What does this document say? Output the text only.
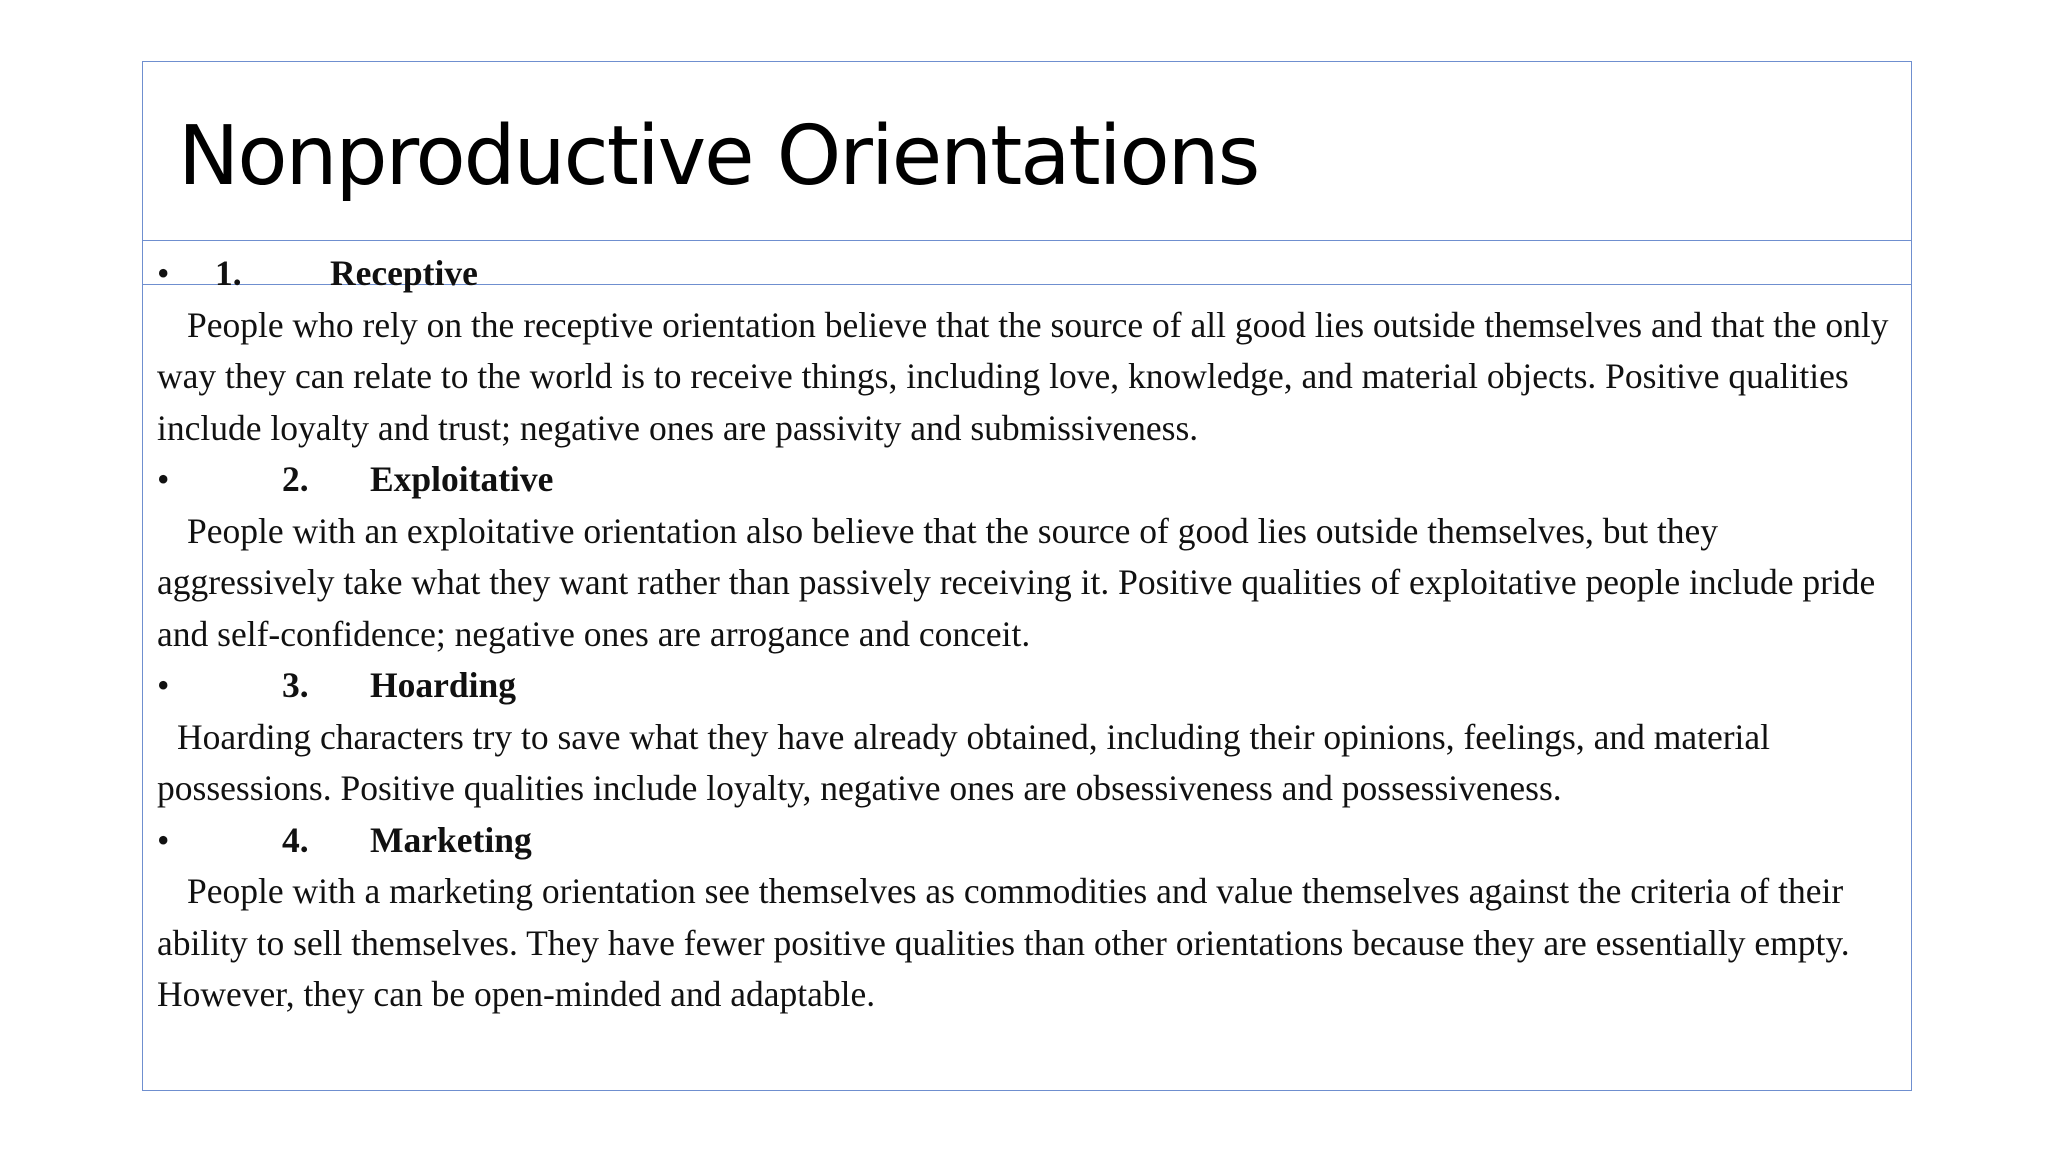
Nonproductive Orientations
• 1. Receptive

People who rely on the receptive orientation believe that the source of all good lies outside themselves and that the only way they can relate to the world is to receive things, including love, knowledge, and material objects. Positive qualities include loyalty and trust; negative ones are passivity and submissiveness.

•	2. Exploitative

People with an exploitative orientation also believe that the source of good lies outside themselves, but they aggressively take what they want rather than passively receiving it. Positive qualities of exploitative people include pride and self-confidence; negative ones are arrogance and conceit.

•	3. Hoarding

Hoarding characters try to save what they have already obtained, including their opinions, feelings, and material possessions. Positive qualities include loyalty, negative ones are obsessiveness and possessiveness.

•	4. Marketing

People with a marketing orientation see themselves as commodities and value themselves against the criteria of their ability to sell themselves. They have fewer positive qualities than other orientations because they are essentially empty. However, they can be open-minded and adaptable.
